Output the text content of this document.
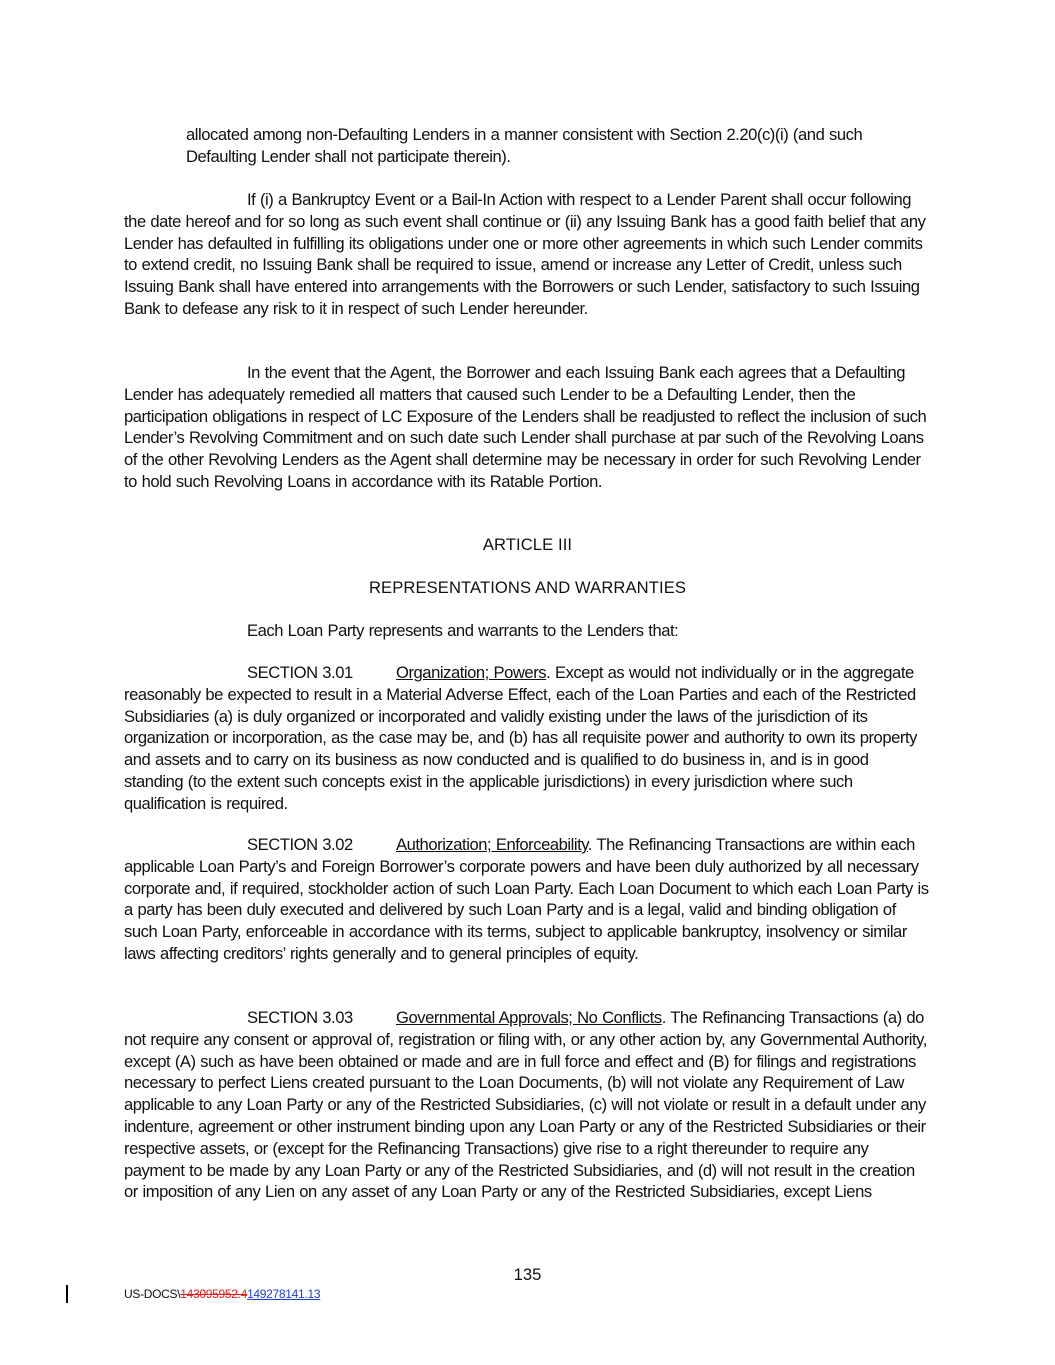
allocated among non-Defaulting Lenders in a manner consistent with Section 2.20(c)(i) (and such Defaulting Lender shall not participate therein).
If (i) a Bankruptcy Event or a Bail-In Action with respect to a Lender Parent shall occur following the date hereof and for so long as such event shall continue or (ii) any Issuing Bank has a good faith belief that any Lender has defaulted in fulfilling its obligations under one or more other agreements in which such Lender commits to extend credit, no Issuing Bank shall be required to issue, amend or increase any Letter of Credit, unless such Issuing Bank shall have entered into arrangements with the Borrowers or such Lender, satisfactory to such Issuing Bank to defease any risk to it in respect of such Lender hereunder.
In the event that the Agent, the Borrower and each Issuing Bank each agrees that a Defaulting Lender has adequately remedied all matters that caused such Lender to be a Defaulting Lender, then the participation obligations in respect of LC Exposure of the Lenders shall be readjusted to reflect the inclusion of such Lender’s Revolving Commitment and on such date such Lender shall purchase at par such of the Revolving Loans of the other Revolving Lenders as the Agent shall determine may be necessary in order for such Revolving Lender to hold such Revolving Loans in accordance with its Ratable Portion.
ARTICLE III
REPRESENTATIONS AND WARRANTIES
Each Loan Party represents and warrants to the Lenders that:
SECTION 3.01	Organization; Powers. Except as would not individually or in the aggregate reasonably be expected to result in a Material Adverse Effect, each of the Loan Parties and each of the Restricted Subsidiaries (a) is duly organized or incorporated and validly existing under the laws of the jurisdiction of its organization or incorporation, as the case may be, and (b) has all requisite power and authority to own its property and assets and to carry on its business as now conducted and is qualified to do business in, and is in good standing (to the extent such concepts exist in the applicable jurisdictions) in every jurisdiction where such qualification is required.
SECTION 3.02	Authorization; Enforceability. The Refinancing Transactions are within each applicable Loan Party’s and Foreign Borrower’s corporate powers and have been duly authorized by all necessary corporate and, if required, stockholder action of such Loan Party. Each Loan Document to which each Loan Party is a party has been duly executed and delivered by such Loan Party and is a legal, valid and binding obligation of such Loan Party, enforceable in accordance with its terms, subject to applicable bankruptcy, insolvency or similar laws affecting creditors’ rights generally and to general principles of equity.
SECTION 3.03	Governmental Approvals; No Conflicts. The Refinancing Transactions (a) do not require any consent or approval of, registration or filing with, or any other action by, any Governmental Authority, except (A) such as have been obtained or made and are in full force and effect and (B) for filings and registrations necessary to perfect Liens created pursuant to the Loan Documents, (b) will not violate any Requirement of Law applicable to any Loan Party or any of the Restricted Subsidiaries, (c) will not violate or result in a default under any indenture, agreement or other instrument binding upon any Loan Party or any of the Restricted Subsidiaries or their respective assets, or (except for the Refinancing Transactions) give rise to a right thereunder to require any payment to be made by any Loan Party or any of the Restricted Subsidiaries, and (d) will not result in the creation or imposition of any Lien on any asset of any Loan Party or any of the Restricted Subsidiaries, except Liens
135
US-DOCS\143095952.4149278141.13
